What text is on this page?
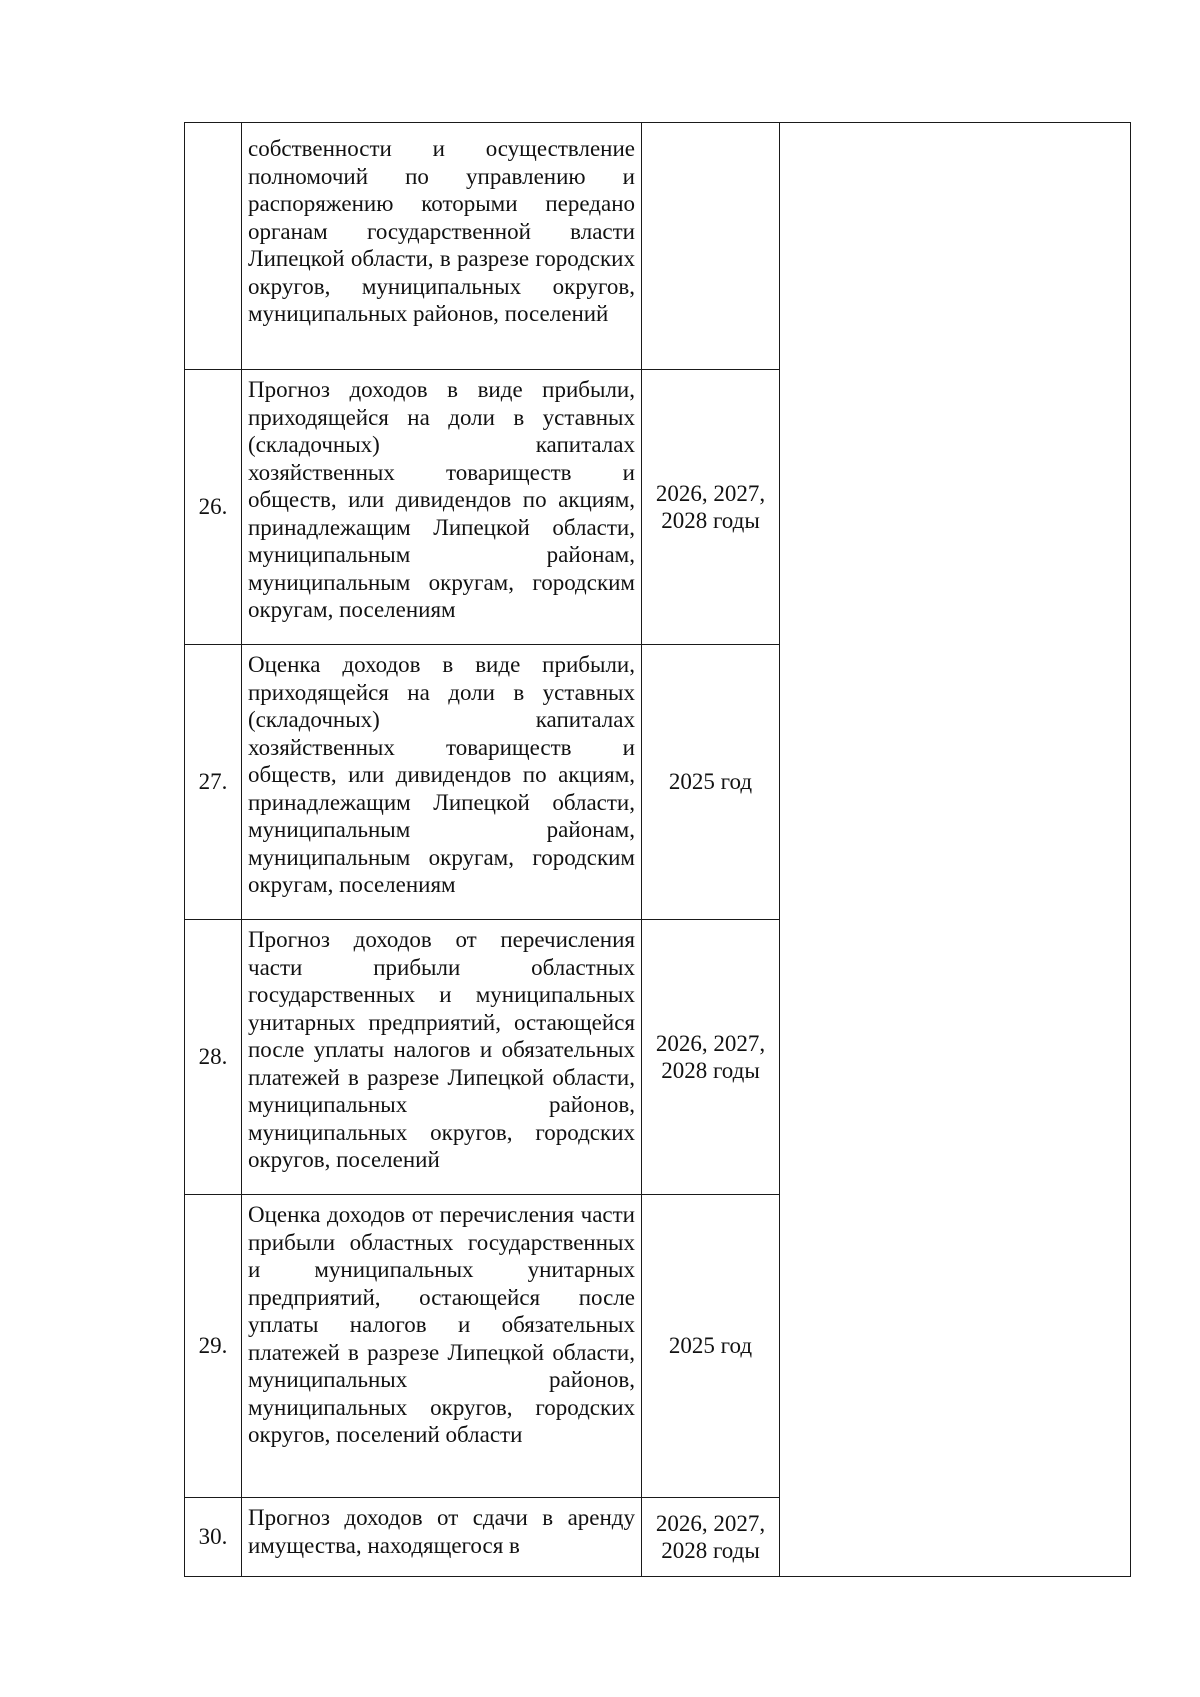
	собственности и осуществление полномочий по управлению и распоряжению которыми передано органам государственной власти Липецкой области, в разрезе городских округов, муниципальных округов, муниципальных районов, поселений		
26.	Прогноз доходов в виде прибыли, приходящейся на доли в уставных (складочных) капиталах хозяйственных товариществ и обществ, или дивидендов по акциям, принадлежащим Липецкой области, муниципальным районам, муниципальным округам, городским округам, поселениям	2026, 2027, 2028 годы	
27.	Оценка доходов в виде прибыли, приходящейся на доли в уставных (складочных) капиталах хозяйственных товариществ и обществ, или дивидендов по акциям, принадлежащим Липецкой области, муниципальным районам, муниципальным округам, городским округам, поселениям	2025 год	
28.	Прогноз доходов от перечисления части прибыли областных государственных и муниципальных унитарных предприятий, остающейся после уплаты налогов и обязательных платежей в разрезе Липецкой области, муниципальных районов, муниципальных округов, городских округов, поселений	2026, 2027, 2028 годы	
29.	Оценка доходов от перечисления части прибыли областных государственных и муниципальных унитарных предприятий, остающейся после уплаты налогов и обязательных платежей в разрезе Липецкой области, муниципальных районов, муниципальных округов, городских округов, поселений области	2025 год	
30.	Прогноз доходов от сдачи в аренду имущества, находящегося в	2026, 2027, 2028 годы	
